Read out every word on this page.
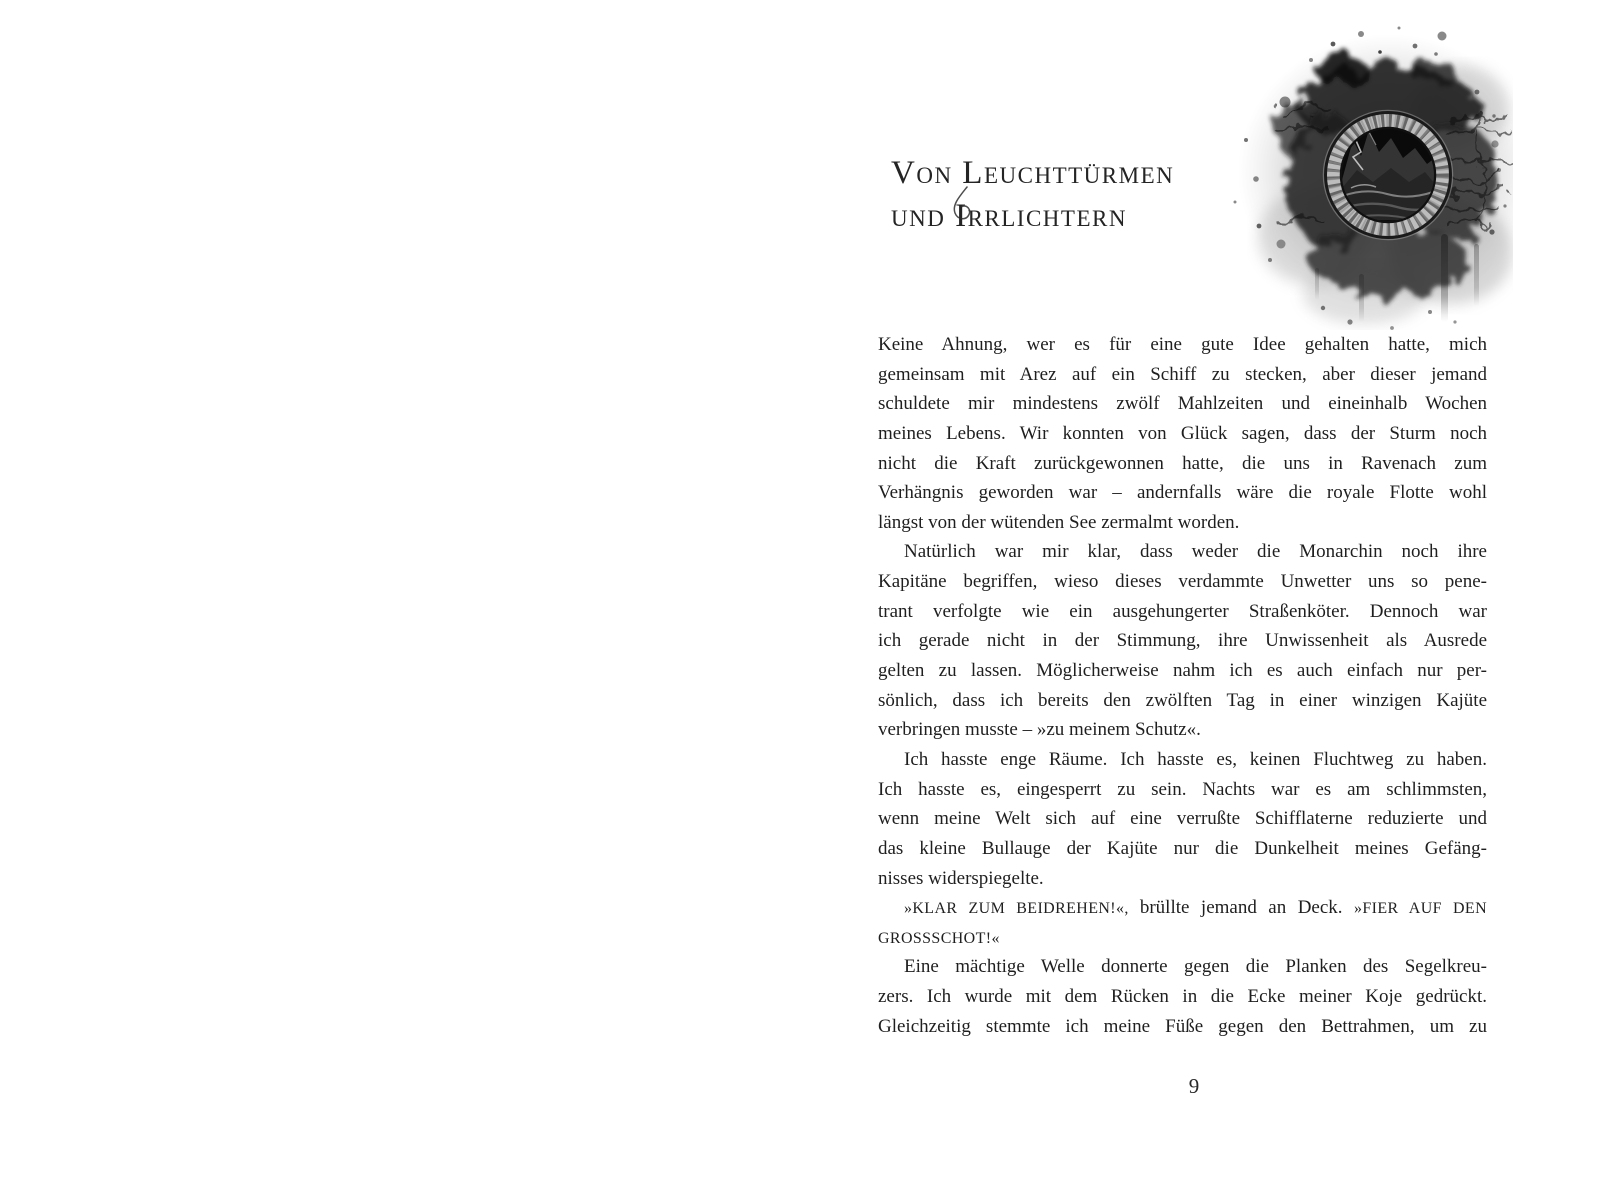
Von Leuchttürmen
und Irrlichtern
Keine Ahnung, wer es für eine gute Idee gehalten hatte, mich
gemeinsam mit Arez auf ein Schiff zu stecken, aber dieser jemand
schuldete mir mindestens zwölf Mahlzeiten und eineinhalb Wochen
meines Lebens. Wir konnten von Glück sagen, dass der Sturm noch
nicht die Kraft zurückgewonnen hatte, die uns in Ravenach zum
Verhängnis geworden war – andernfalls wäre die royale Flotte wohl
längst von der wütenden See zermalmt worden.
Natürlich war mir klar, dass weder die Monarchin noch ihre
Kapitäne begriffen, wieso dieses verdammte Unwetter uns so pene-
trant verfolgte wie ein ausgehungerter Straßenköter. Dennoch war
ich gerade nicht in der Stimmung, ihre Unwissenheit als Ausrede
gelten zu lassen. Möglicherweise nahm ich es auch einfach nur per-
sönlich, dass ich bereits den zwölften Tag in einer winzigen Kajüte
verbringen musste – »zu meinem Schutz«.
Ich hasste enge Räume. Ich hasste es, keinen Fluchtweg zu haben.
Ich hasste es, eingesperrt zu sein. Nachts war es am schlimmsten,
wenn meine Welt sich auf eine verrußte Schifflaterne reduzierte und
das kleine Bullauge der Kajüte nur die Dunkelheit meines Gefäng-
nisses widerspiegelte.
»KLAR ZUM BEIDREHEN!«, brüllte jemand an Deck. »FIER AUF DEN
GROSSSCHOT!«
Eine mächtige Welle donnerte gegen die Planken des Segelkreu-
zers. Ich wurde mit dem Rücken in die Ecke meiner Koje gedrückt.
Gleichzeitig stemmte ich meine Füße gegen den Bettrahmen, um zu
9
